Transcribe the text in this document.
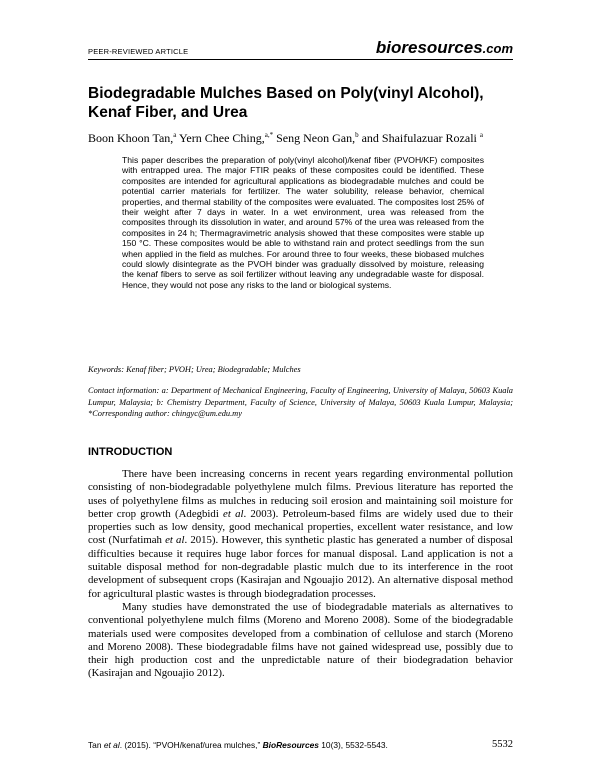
PEER-REVIEWED ARTICLE	bioresources.com
Biodegradable Mulches Based on Poly(vinyl Alcohol), Kenaf Fiber, and Urea
Boon Khoon Tan,$^a$ Yern Chee Ching,$^{a,*}$ Seng Neon Gan,$^b$ and Shaifulazuar Rozali $^a$
This paper describes the preparation of poly(vinyl alcohol)/kenaf fiber (PVOH/KF) composites with entrapped urea. The major FTIR peaks of these composites could be identified. These composites are intended for agricultural applications as biodegradable mulches and could be potential carrier materials for fertilizer. The water solubility, release behavior, chemical properties, and thermal stability of the composites were evaluated. The composites lost 25% of their weight after 7 days in water. In a wet environment, urea was released from the composites through its dissolution in water, and around 57% of the urea was released from the composites in 24 h; Thermagravimetric analysis showed that these composites were stable up 150 °C. These composites would be able to withstand rain and protect seedlings from the sun when applied in the field as mulches. For around three to four weeks, these biobased mulches could slowly disintegrate as the PVOH binder was gradually dissolved by moisture, releasing the kenaf fibers to serve as soil fertilizer without leaving any undegradable waste for disposal. Hence, they would not pose any risks to the land or biological systems.
Keywords: Kenaf fiber; PVOH; Urea; Biodegradable; Mulches
Contact information: a: Department of Mechanical Engineering, Faculty of Engineering, University of Malaya, 50603 Kuala Lumpur, Malaysia; b: Chemistry Department, Faculty of Science, University of Malaya, 50603 Kuala Lumpur, Malaysia; *Corresponding author: chingyc@um.edu.my
INTRODUCTION

There have been increasing concerns in recent years regarding environmental pollution consisting of non-biodegradable polyethylene mulch films. Previous literature has reported the uses of polyethylene films as mulches in reducing soil erosion and maintaining soil moisture for better crop growth (Adegbidi et al. 2003). Petroleum-based films are widely used due to their properties such as low density, good mechanical properties, excellent water resistance, and low cost (Nurfatimah et al. 2015). However, this synthetic plastic has generated a number of disposal difficulties because it requires huge labor forces for manual disposal. Land application is not a suitable disposal method for non-degradable plastic mulch due to its interference in the root development of subsequent crops (Kasirajan and Ngouajio 2012). An alternative disposal method for agricultural plastic wastes is through biodegradation processes.

Many studies have demonstrated the use of biodegradable materials as alternatives to conventional polyethylene mulch films (Moreno and Moreno 2008). Some of the biodegradable materials used were composites developed from a combination of cellulose and starch (Moreno and Moreno 2008). These biodegradable films have not gained widespread use, possibly due to their high production cost and the unpredictable nature of their biodegradation behavior (Kasirajan and Ngouajio 2012).

Tan et al. (2015). “PVOH/kenaf/urea mulches,” BioResources 10(3), 5532-5543.	5532
